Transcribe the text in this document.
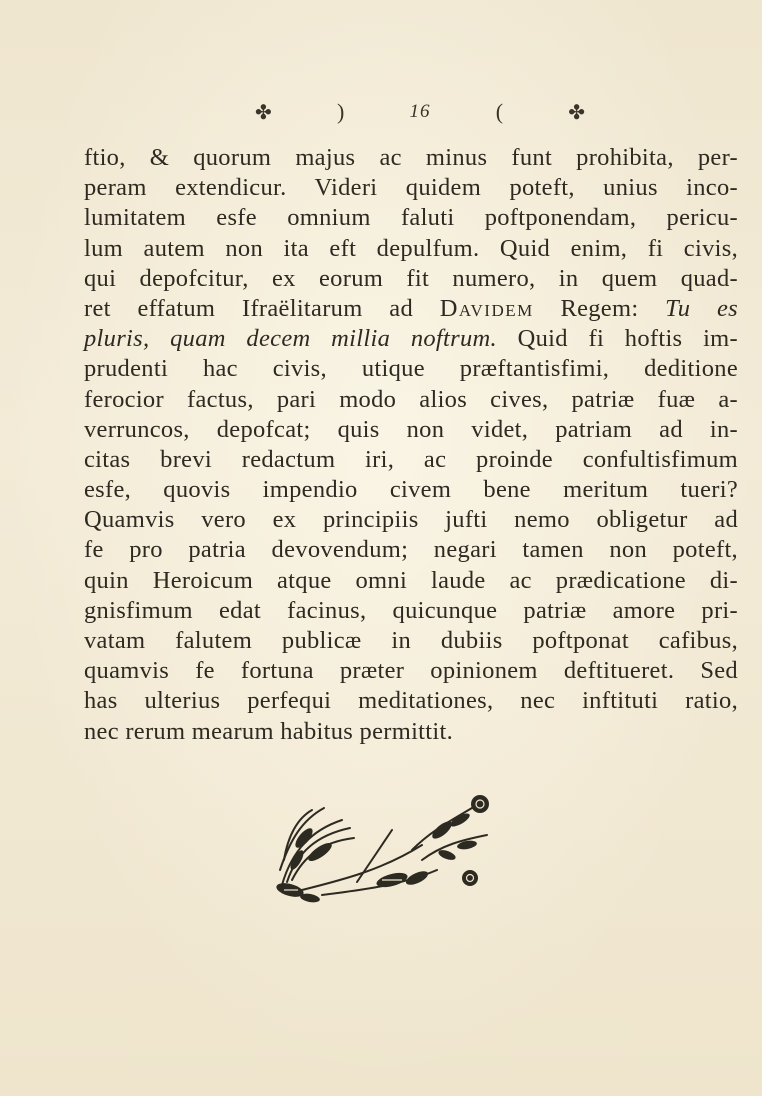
✤	)	16	(	✤
ftio, & quorum majus ac minus funt prohibita, per-
peram extendicur. Videri quidem poteft, unius inco-
lumitatem esfe omnium faluti poftponendam, pericu-
lum autem non ita eft depulfum. Quid enim, fi civis,
qui depofcitur, ex eorum fit numero, in quem quad-
ret effatum Ifraëlitarum ad Davidem Regem: Tu es
pluris, quam decem millia noftrum. Quid fi hoftis im-
prudenti hac civis, utique præftantisfimi, deditione
ferocior factus, pari modo alios cives, patriæ fuæ a-
verruncos, depofcat; quis non videt, patriam ad in-
citas brevi redactum iri, ac proinde confultisfimum
esfe, quovis impendio civem bene meritum tueri?
Quamvis vero ex principiis jufti nemo obligetur ad
fe pro patria devovendum; negari tamen non poteft,
quin Heroicum atque omni laude ac prædicatione di-
gnisfimum edat facinus, quicunque patriæ amore pri-
vatam falutem publicæ in dubiis poftponat cafibus,
quamvis fe fortuna præter opinionem deftitueret. Sed
has ulterius perfequi meditationes, nec inftituti ratio,
nec rerum mearum habitus permittit.
